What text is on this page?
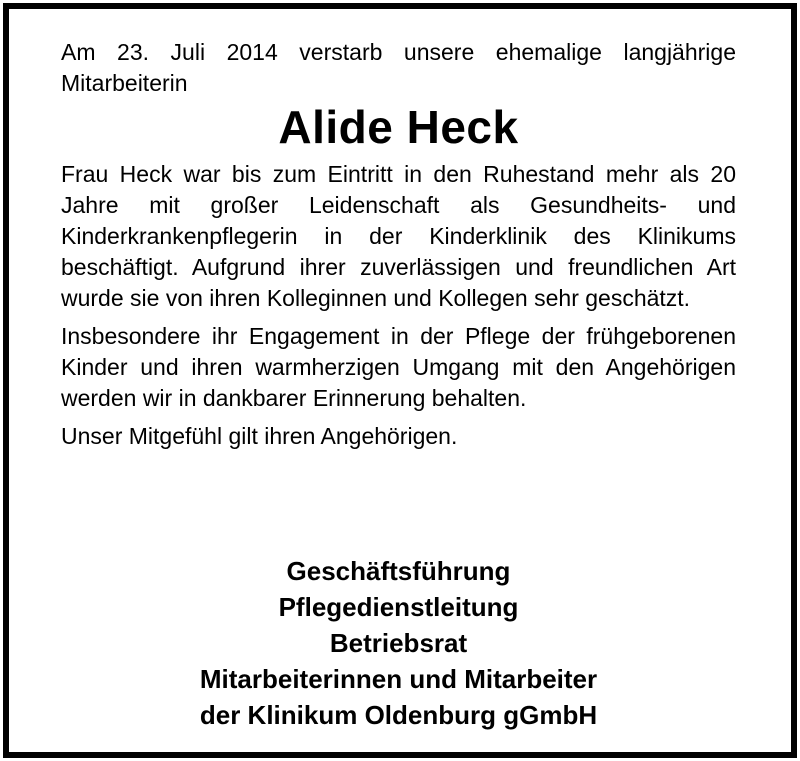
Am 23. Juli 2014 verstarb unsere ehemalige langjährige Mitarbeiterin

Alide Heck

Frau Heck war bis zum Eintritt in den Ruhestand mehr als 20 Jahre mit großer Leidenschaft als Gesundheits- und Kinderkrankenpflegerin in der Kinderklinik des Klinikums beschäftigt. Aufgrund ihrer zuverlässigen und freundlichen Art wurde sie von ihren Kolleginnen und Kollegen sehr geschätzt.

Insbesondere ihr Engagement in der Pflege der frühgeborenen Kinder und ihren warmherzigen Umgang mit den Angehörigen werden wir in dankbarer Erinnerung behalten.

Unser Mitgefühl gilt ihren Angehörigen.

Geschäftsführung

Pflegedienstleitung

Betriebsrat

Mitarbeiterinnen und Mitarbeiter

der Klinikum Oldenburg gGmbH
